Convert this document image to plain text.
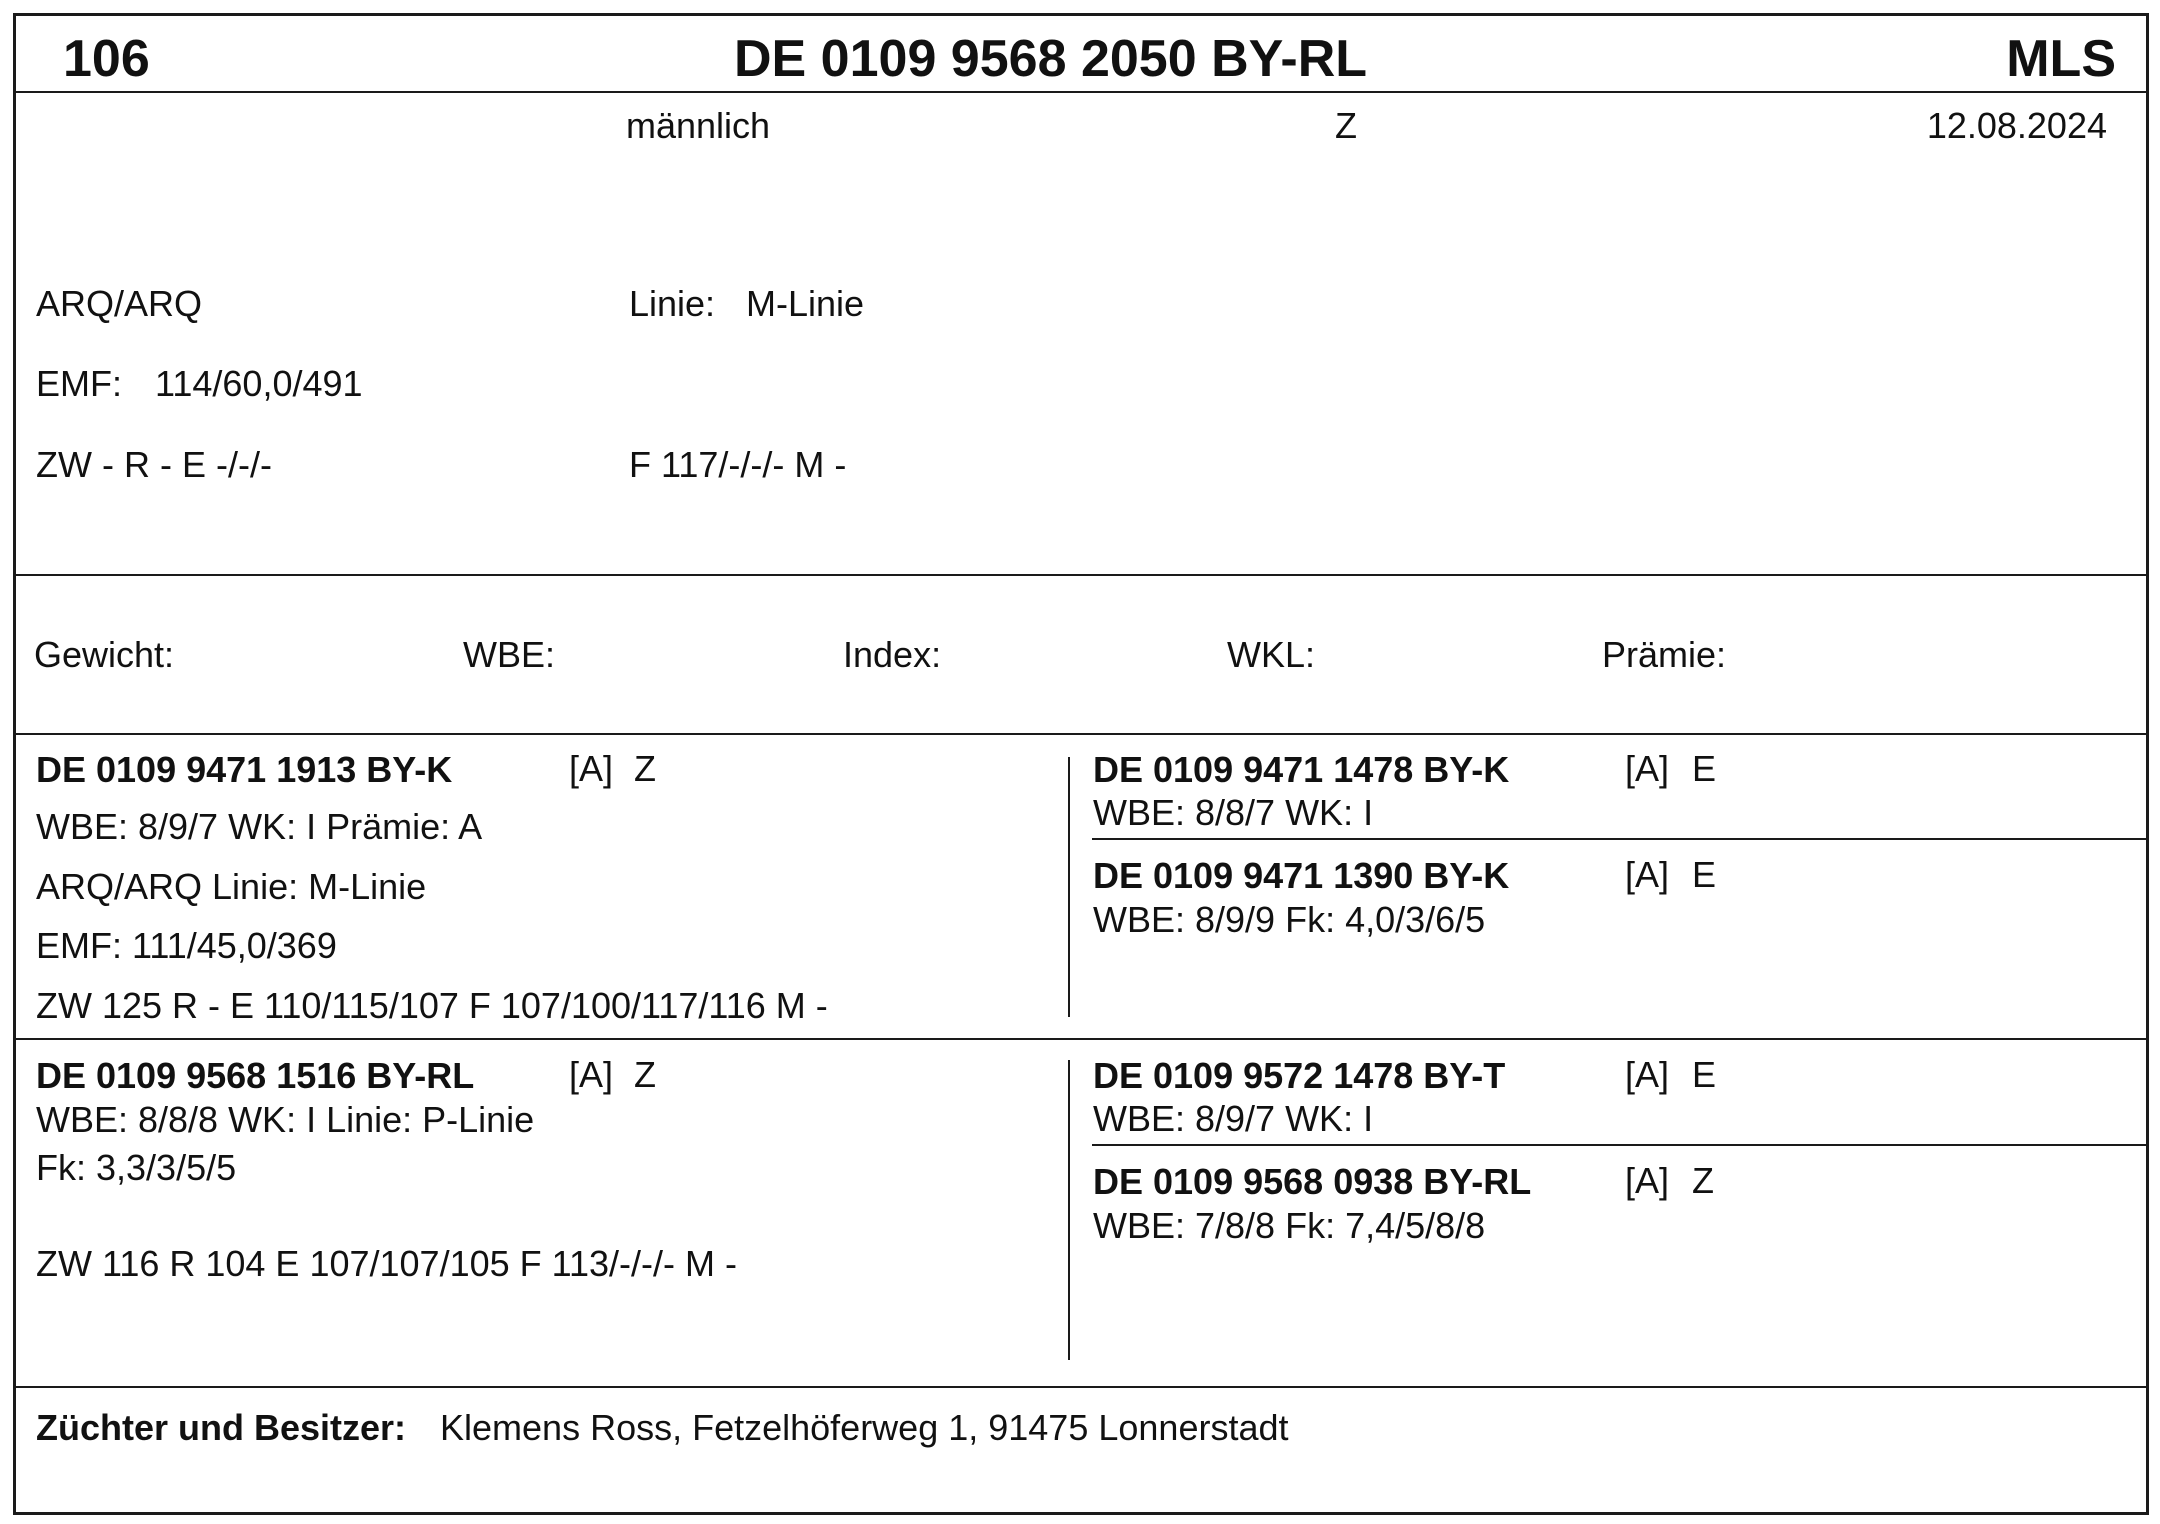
106	DE 0109 9568 2050 BY-RL	MLS
männlich	Z	12.08.2024
ARQ/ARQ	Linie: M-Linie
EMF: 114/60,0/491
ZW - R - E -/-/-	F 117/-/-/- M -
Gewicht:	WBE:	Index:	WKL:	Prämie:
DE 0109 9471 1913 BY-K	[A] Z
WBE: 8/9/7 WK: I Prämie: A
ARQ/ARQ Linie: M-Linie
EMF: 111/45,0/369
ZW 125 R - E 110/115/107 F 107/100/117/116 M -
DE 0109 9471 1478 BY-K	[A] E
WBE: 8/8/7 WK: I
DE 0109 9471 1390 BY-K	[A] E
WBE: 8/9/9 Fk: 4,0/3/6/5
DE 0109 9568 1516 BY-RL	[A] Z
WBE: 8/8/8 WK: I Linie: P-Linie
Fk: 3,3/3/5/5
ZW 116 R 104 E 107/107/105 F 113/-/-/- M -
DE 0109 9572 1478 BY-T	[A] E
WBE: 8/9/7 WK: I
DE 0109 9568 0938 BY-RL	[A] Z
WBE: 7/8/8 Fk: 7,4/5/8/8
Züchter und Besitzer: Klemens Ross, Fetzelhöferweg 1, 91475 Lonnerstadt
